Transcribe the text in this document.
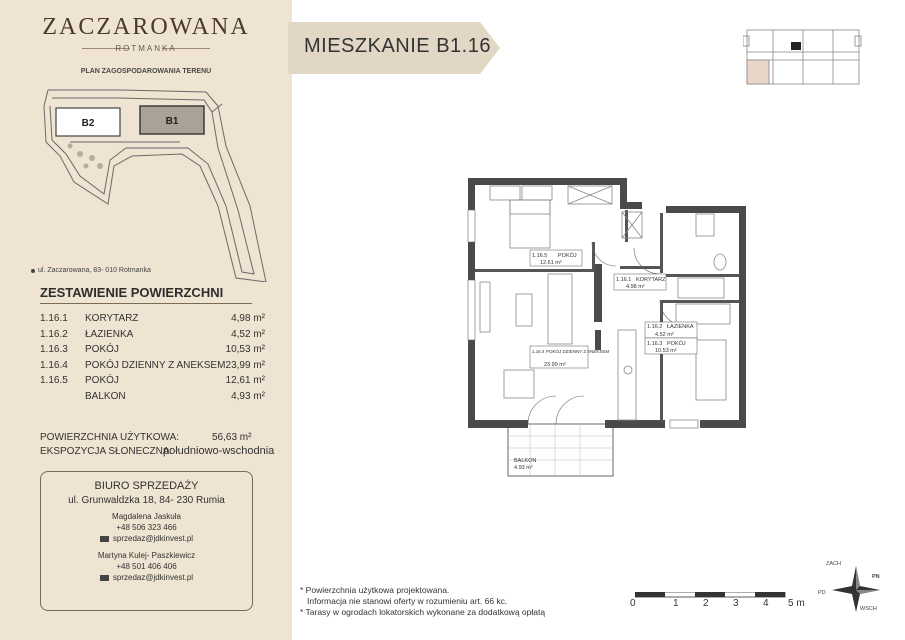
ZACZAROWANA
ROTMANKA
PLAN ZAGOSPODAROWANIA TERENU
B2	B1
ul. Zaczarowana, 83- 010 Rotmanka
ZESTAWIENIE POWIERZCHNI
1.16.1 KORYTARZ	4,98 m²
1.16.2 ŁAZIENKA	4,52 m²
1.16.3 POKÓJ	10,53 m²
1.16.4 POKÓJ DZIENNY Z ANEKSEM 23,99 m²
1.16.5 POKÓJ	12,61 m²
BALKON	4,93 m²
POWIERZCHNIA UŻYTKOWA:	56,63 m²
EKSPOZYCJA SŁONECZNA:
południowo-wschodnia
BIURO SPRZEDAŻY
ul. Grunwaldzka 18, 84- 230 Rumia
Magdalena Jaskuła
+48 506 323 466
sprzedaz@jdkinvest.pl
Martyna Kulej- Paszkiewicz
+48 501 406 406
sprzedaz@jdkinvest.pl
MIESZKANIE B1.16
1.16.5 POKÓJ
12.61 m²
1.16.1 KORYTARZ
4.98 m²
1.16.2 ŁAZIENKA
4.52 m²
1.16.4 POKÓJ DZIENNY Z ANEKSEM
23.99 m²
BALKON
4.93 m²
1.16.3 POKÓJ
10.53 m²
* Powierzchnia użytkowa projektowana.
Informacja nie stanowi oferty w rozumieniu art. 66 kc.
* Tarasy w ogrodach lokatorskich wykonane za dodatkową opłatą
0	1 2 3 4 5 m
ZACH
PN
PD
WSCH
